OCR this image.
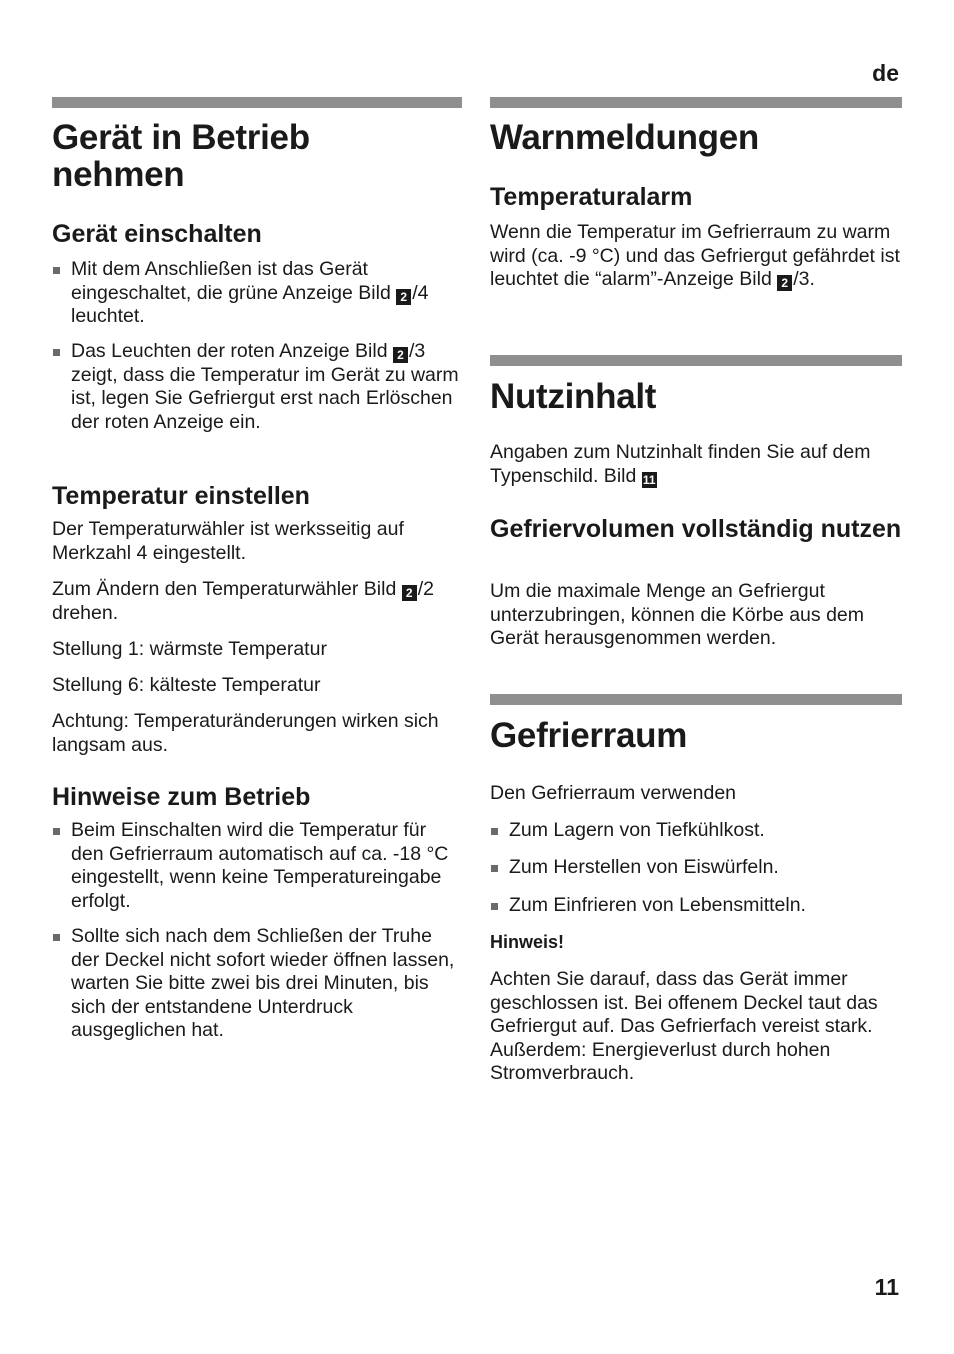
de
Gerät in Betrieb
nehmen
Gerät einschalten
Mit dem Anschließen ist das Gerät eingeschaltet, die grüne Anzeige Bild 2 /4 leuchtet.
Das Leuchten der roten Anzeige Bild 2 /3 zeigt, dass die Temperatur im Gerät zu warm ist, legen Sie Gefriergut erst nach Erlöschen der roten Anzeige ein.
Temperatur einstellen

Der Temperaturwähler ist werksseitig auf Merkzahl 4 eingestellt.

Zum Ändern den Temperaturwähler Bild 2 /2 drehen.

Stellung 1: wärmste Temperatur

Stellung 6: kälteste Temperatur

Achtung: Temperaturänderungen wirken sich langsam aus.

Hinweise zum Betrieb
Beim Einschalten wird die Temperatur für den Gefrierraum automatisch auf ca. -18 °C eingestellt, wenn keine Temperatureingabe erfolgt.
Sollte sich nach dem Schließen der Truhe der Deckel nicht sofort wieder öffnen lassen, warten Sie bitte zwei bis drei Minuten, bis sich der entstandene Unterdruck ausgeglichen hat.
Warnmeldungen
Temperaturalarm

Wenn die Temperatur im Gefrierraum zu warm wird (ca. -9 °C) und das Gefriergut gefährdet ist leuchtet die “alarm”-Anzeige Bild 2 /3.

Nutzinhalt

Angaben zum Nutzinhalt finden Sie auf dem Typenschild. Bild 11

Gefriervolumen vollständig nutzen

Um die maximale Menge an Gefriergut unterzubringen, können die Körbe aus dem Gerät herausgenommen werden.

Gefrierraum

Den Gefrierraum verwenden

Zum Lagern von Tiefkühlkost.
Zum Herstellen von Eiswürfeln.
Zum Einfrieren von Lebensmitteln.

Hinweis!

Achten Sie darauf, dass das Gerät immer geschlossen ist. Bei offenem Deckel taut das Gefriergut auf. Das Gefrierfach vereist stark. Außerdem: Energieverlust durch hohen Stromverbrauch.

11
